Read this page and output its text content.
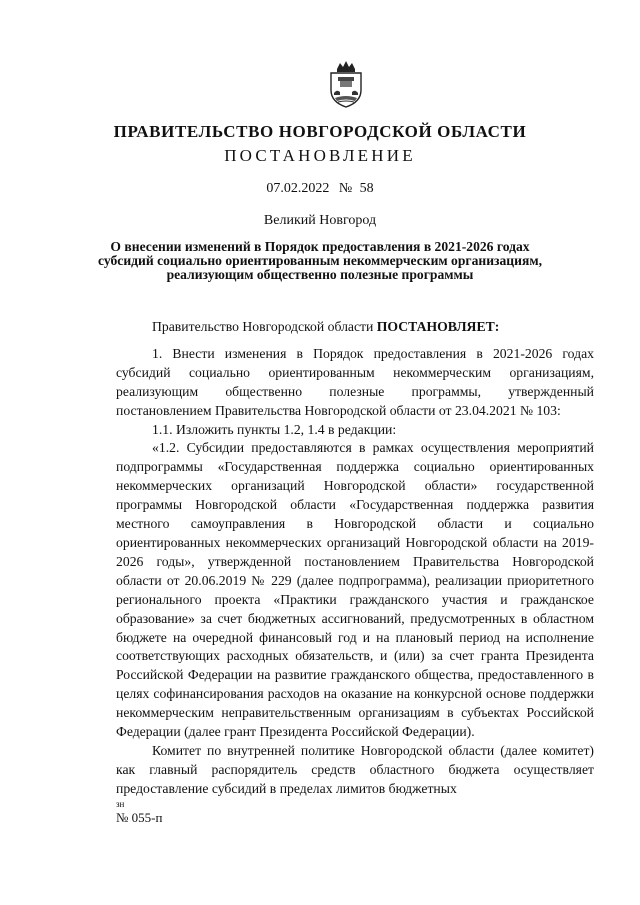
ПРАВИТЕЛЬСТВО НОВГОРОДСКОЙ ОБЛАСТИ
ПОСТАНОВЛЕНИЕ
07.02.2022 № 58
Великий Новгород
О внесении изменений в Порядок предоставления в 2021-2026 годах
субсидий социально ориентированным некоммерческим организациям,
реализующим общественно полезные программы

Правительство Новгородской области ПОСТАНОВЛЯЕТ:

1. Внести изменения в Порядок предоставления в 2021-2026 годах субсидий социально ориентированным некоммерческим организациям, реализующим общественно полезные программы, утвержденный постановлением Правительства Новгородской области от 23.04.2021 № 103:

1.1. Изложить пункты 1.2, 1.4 в редакции:

«1.2. Субсидии предоставляются в рамках осуществления мероприятий подпрограммы «Государственная поддержка социально ориентированных некоммерческих организаций Новгородской области» государственной программы Новгородской области «Государственная поддержка развития местного самоуправления в Новгородской области и социально ориентированных некоммерческих организаций Новгородской области на 2019-2026 годы», утвержденной постановлением Правительства Новгородской области от 20.06.2019 № 229 (далее подпрограмма), реализации приоритетного регионального проекта «Практики гражданского участия и гражданское образование» за счет бюджетных ассигнований, предусмотренных в областном бюджете на очередной финансовый год и на плановый период на исполнение соответствующих расходных обязательств, и (или) за счет гранта Президента Российской Федерации на развитие гражданского общества, предоставленного в целях софинансирования расходов на оказание на конкурсной основе поддержки некоммерческим неправительственным организациям в субъектах Российской Федерации (далее грант Президента Российской Федерации).

Комитет по внутренней политике Новгородской области (далее комитет) как главный распорядитель средств областного бюджета осуществляет предоставление субсидий в пределах лимитов бюджетных

зн
№ 055-п
